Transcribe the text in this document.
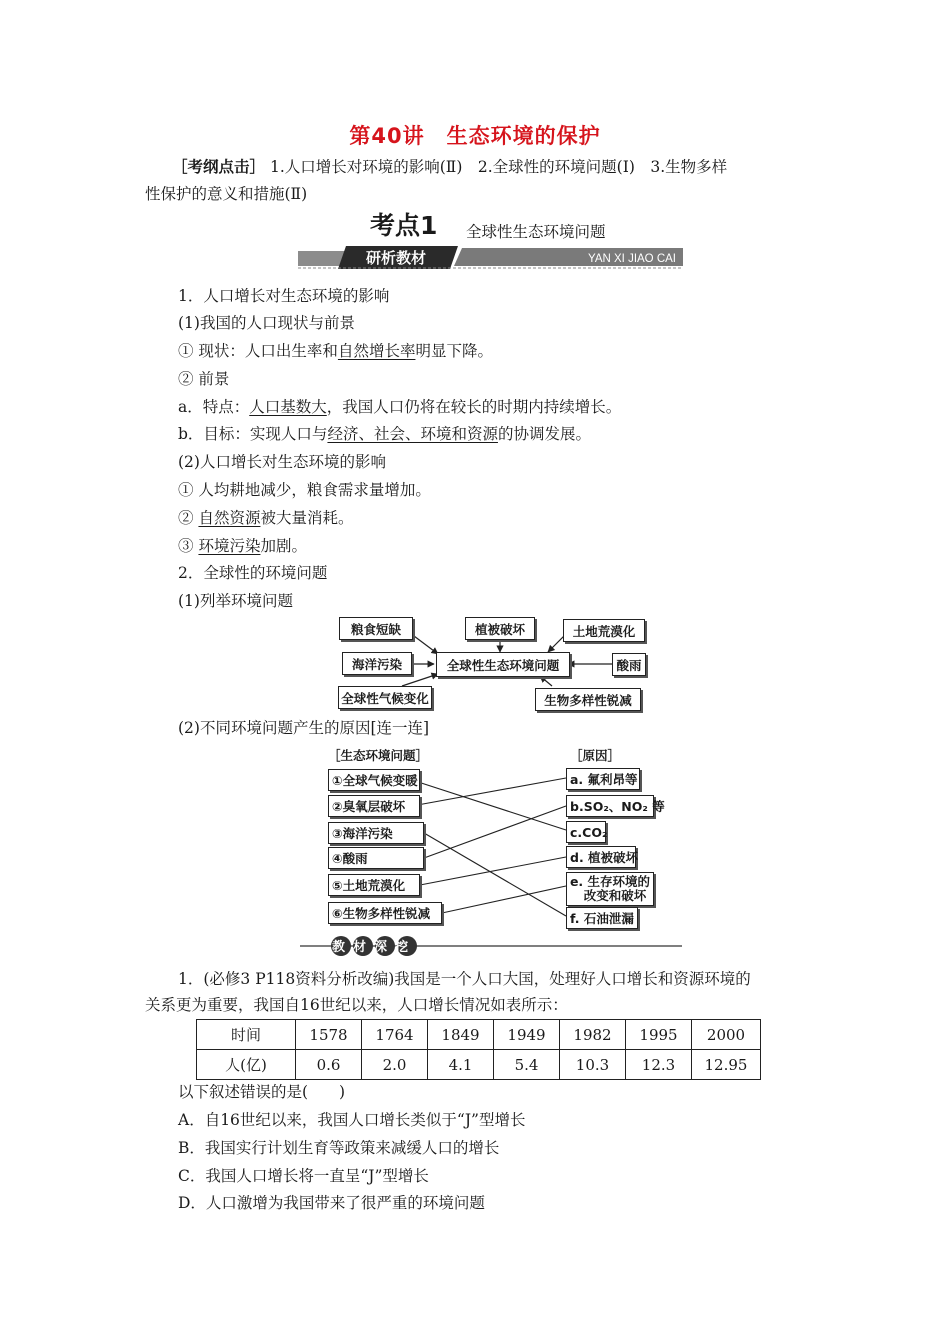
第40讲　生态环境的保护
［考纲点击］ 1.人口增长对环境的影响(Ⅱ)　2.全球性的环境问题(Ⅰ)　3.生物多样
性保护的意义和措施(Ⅱ)
考点1 全球性生态环境问题
研析教材	YAN XI JIAO CAI
1．人口增长对生态环境的影响
(1)我国的人口现状与前景
① 现状：人口出生率和自然增长率明显下降。
② 前景
a．特点：人口基数大，我国人口仍将在较长的时期内持续增长。
b．目标：实现人口与经济、社会、环境和资源的协调发展。
(2)人口增长对生态环境的影响
① 人均耕地减少，粮食需求量增加。
② 自然资源被大量消耗。
③ 环境污染加剧。
2．全球性的环境问题
(1)列举环境问题
粮食短缺	植被破坏	土地荒漠化
海洋污染	全球性生态环境问题	酸雨
全球性气候变化	生物多样性锐减
(2)不同环境问题产生的原因[连一连]
［生态环境问题］	［原因］
①全球气候变暖
②臭氧层破坏
③海洋污染
④酸雨
⑤土地荒漠化
⑥生物多样性锐减
a. 氟利昂等
b.SO₂、NO₂ 等
c.CO₂
d. 植被破坏
e. 生存环境的
改变和破坏
f. 石油泄漏
教材深挖
1．(必修3 P118资料分析改编)我国是一个人口大国，处理好人口增长和资源环境的
关系更为重要，我国自16世纪以来，人口增长情况如表所示：
时间	1578	1764	1849	1949	1982	1995	2000
人(亿)	0.6	2.0	4.1	5.4	10.3	12.3	12.95
以下叙述错误的是(　　)
A．自16世纪以来，我国人口增长类似于“J”型增长
B．我国实行计划生育等政策来减缓人口的增长
C．我国人口增长将一直呈“J”型增长
D．人口激增为我国带来了很严重的环境问题
